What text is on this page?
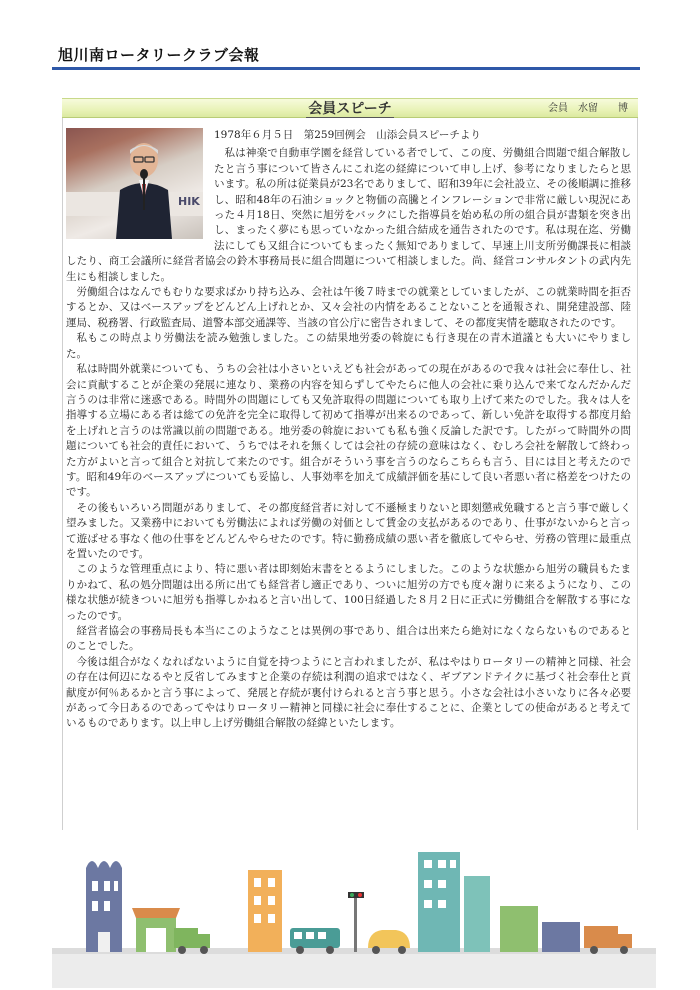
旭川南ロータリークラブ会報
会員スピーチ	会員　水留　　博
1978年６月５日　第259回例会　山添会員スピーチより

私は神楽で自動車学園を経営している者でして、この度、労働組合問題で組合解散したと言う事について皆さんにこれ迄の経緯について申し上げ、参考になりましたらと思います。私の所は従業員が23名でありまして、昭和39年に会社設立、その後順調に推移し、昭和48年の石油ショックと物価の高騰とインフレーションで非常に厳しい現況にあった４月18日、突然に旭労をバックにした指導員を始め私の所の組合員が書類を突き出し、まったく夢にも思っていなかった組合結成を通告されたのです。私は現在迄、労働法にしても又組合についてもまったく無知でありまして、早速上川支所労働課長に相談したり、商工会議所に経営者協会の鈴木事務局長に組合問題について相談しました。尚、経営コンサルタントの武内先生にも相談しました。

労働組合はなんでもむりな要求ばかり持ち込み、会社は午後７時までの就業としていましたが、この就業時間を拒否するとか、又はベースアップをどんどん上げれとか、又々会社の内情をあることないことを通報され、開発建設部、陸運局、税務署、行政監査局、道警本部交通課等、当該の官公庁に密告されまして、その都度実情を聴取されたのです。

私もこの時点より労働法を読み勉強しました。この結果地労委の斡旋にも行き現在の青木道議とも大いにやりました。

私は時間外就業についても、うちの会社は小さいといえども社会があっての現在があるので我々は社会に奉仕し、社会に貢献することが企業の発展に連なり、業務の内容を知らずしてやたらに他人の会社に乗り込んで来てなんだかんだ言うのは非常に迷惑である。時間外の問題にしても又免許取得の問題についても取り上げて来たのでした。我々は人を指導する立場にある者は総ての免許を完全に取得して初めて指導が出来るのであって、新しい免許を取得する都度月給を上げれと言うのは常識以前の問題である。地労委の斡旋においても私も強く反論した訳です。したがって時間外の問題についても社会的責任において、うちではそれを無くしては会社の存続の意味はなく、むしろ会社を解散して終わった方がよいと言って組合と対抗して来たのです。組合がそういう事を言うのならこちらも言う、目には目と考えたのです。昭和49年のベースアップについても妥協し、人事効率を加えて成績評価を基にして良い者悪い者に格差をつけたのです。

その後もいろいろ問題がありまして、その都度経営者に対して不遜極まりないと即刻懲戒免職すると言う事で厳しく望みました。又業務中においても労働法によれば労働の対価として賃金の支払があるのであり、仕事がないからと言って遊ばせる事なく他の仕事をどんどんやらせたのです。特に勤務成績の悪い者を徹底してやらせ、労務の管理に最重点を置いたのです。

このような管理重点により、特に悪い者は即刻始末書をとるようにしました。このような状態から旭労の職員もたまりかねて、私の処分問題は出る所に出ても経営者し適正であり、ついに旭労の方でも度々謝りに来るようになり、この様な状態が続きついに旭労も指導しかねると言い出して、100日経過した８月２日に正式に労働組合を解散する事になったのです。

経営者協会の事務局長も本当にこのようなことは異例の事であり、組合は出来たら絶対になくならないものであるとのことでした。

今後は組合がなくなればないように自覚を持つようにと言われましたが、私はやはりロータリーの精神と同様、社会の存在は何辺になるやと反省してみますと企業の存続は利潤の追求ではなく、ギブアンドテイクに基づく社会奉仕と貢献度が何％あるかと言う事によって、発展と存続が裏付けられると言う事と思う。小さな会社は小さいなりに各々必要があって今日あるのであってやはりロータリー精神と同様に社会に奉仕することに、企業としての使命があると考えているものであります。以上申し上げ労働組合解散の経緯といたします。

HIK
